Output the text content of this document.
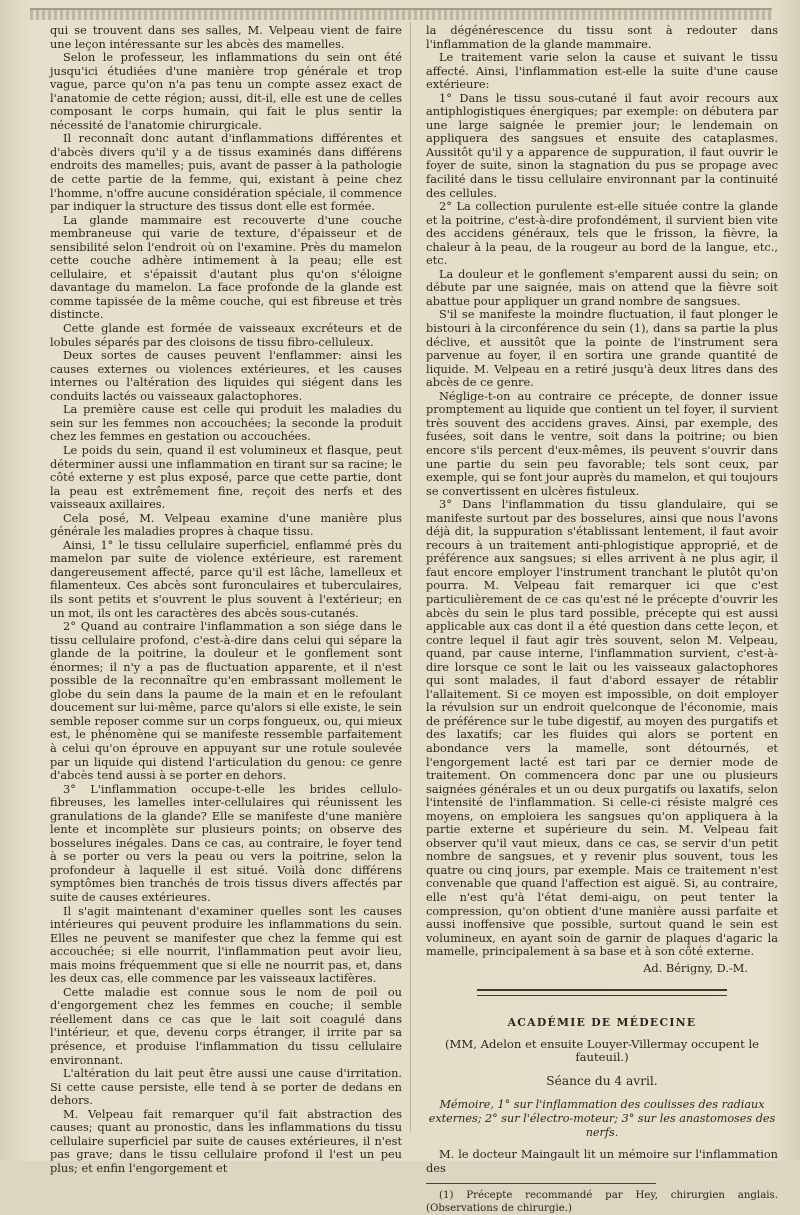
qui se trouvent dans ses salles, M. Velpeau vient de faire une leçon intéressante sur les abcès des mamelles.

Selon le professeur, les inflammations du sein ont été jusqu'ici étudiées d'une manière trop générale et trop vague, parce qu'on n'a pas tenu un compte assez exact de l'anatomie de cette région; aussi, dit-il, elle est une de celles composant le corps humain, qui fait le plus sentir la nécessité de l'anatomie chirurgicale.

Il reconnaît donc autant d'inflammations différentes et d'abcès divers qu'il y a de tissus examinés dans différens endroits des mamelles; puis, avant de passer à la pathologie de cette partie de la femme, qui, existant à peine chez l'homme, n'offre aucune considération spéciale, il commence par indiquer la structure des tissus dont elle est formée.

La glande mammaire est recouverte d'une couche membraneuse qui varie de texture, d'épaisseur et de sensibilité selon l'endroit où on l'examine. Près du mamelon cette couche adhère intimement à la peau; elle est cellulaire, et s'épaissit d'autant plus qu'on s'éloigne davantage du mamelon. La face profonde de la glande est comme tapissée de la même couche, qui est fibreuse et très distincte.

Cette glande est formée de vaisseaux excréteurs et de lobules séparés par des cloisons de tissu fibro-celluleux.

Deux sortes de causes peuvent l'enflammer: ainsi les causes externes ou violences extérieures, et les causes internes ou l'altération des liquides qui siégent dans les conduits lactés ou vaisseaux galactophores.

La première cause est celle qui produit les maladies du sein sur les femmes non accouchées; la seconde la produit chez les femmes en gestation ou accouchées.

Le poids du sein, quand il est volumineux et flasque, peut déterminer aussi une inflammation en tirant sur sa racine; le côté externe y est plus exposé, parce que cette partie, dont la peau est extrêmement fine, reçoit des nerfs et des vaisseaux axillaires.

Cela posé, M. Velpeau examine d'une manière plus générale les maladies propres à chaque tissu.

Ainsi, 1° le tissu cellulaire superficiel, enflammé près du mamelon par suite de violence extérieure, est rarement dangereusement affecté, parce qu'il est lâche, lamelleux et filamenteux. Ces abcès sont furonculaires et tuberculaires, ils sont petits et s'ouvrent le plus souvent à l'extérieur; en un mot, ils ont les caractères des abcès sous-cutanés.

2° Quand au contraire l'inflammation a son siége dans le tissu cellulaire profond, c'est-à-dire dans celui qui sépare la glande de la poitrine, la douleur et le gonflement sont énormes; il n'y a pas de fluctuation apparente, et il n'est possible de la reconnaître qu'en embrassant mollement le globe du sein dans la paume de la main et en le refoulant doucement sur lui-même, parce qu'alors si elle existe, le sein semble reposer comme sur un corps fongueux, ou, qui mieux est, le phénomène qui se manifeste ressemble parfaitement à celui qu'on éprouve en appuyant sur une rotule soulevée par un liquide qui distend l'articulation du genou: ce genre d'abcès tend aussi à se porter en dehors.

3° L'inflammation occupe-t-elle les brides cellulo-fibreuses, les lamelles inter-cellulaires qui réunissent les granulations de la glande? Elle se manifeste d'une manière lente et incomplète sur plusieurs points; on observe des bosselures inégales. Dans ce cas, au contraire, le foyer tend à se porter ou vers la peau ou vers la poitrine, selon la profondeur à laquelle il est situé. Voilà donc différens symptômes bien tranchés de trois tissus divers affectés par suite de causes extérieures.

Il s'agit maintenant d'examiner quelles sont les causes intérieures qui peuvent produire les inflammations du sein. Elles ne peuvent se manifester que chez la femme qui est accouchée; si elle nourrit, l'inflammation peut avoir lieu, mais moins fréquemment que si elle ne nourrit pas, et, dans les deux cas, elle commence par les vaisseaux lactifères.

Cette maladie est connue sous le nom de poil ou d'engorgement chez les femmes en couche; il semble réellement dans ce cas que le lait soit coagulé dans l'intérieur, et que, devenu corps étranger, il irrite par sa présence, et produise l'inflammation du tissu cellulaire environnant.

L'altération du lait peut être aussi une cause d'irritation. Si cette cause persiste, elle tend à se porter de dedans en dehors.

M. Velpeau fait remarquer qu'il fait abstraction des causes; quant au pronostic, dans les inflammations du tissu cellulaire superficiel par suite de causes extérieures, il n'est pas grave; dans le tissu cellulaire profond il l'est un peu plus; et enfin l'engorgement et

la dégénérescence du tissu sont à redouter dans l'inflammation de la glande mammaire.

Le traitement varie selon la cause et suivant le tissu affecté. Ainsi, l'inflammation est-elle la suite d'une cause extérieure:

1° Dans le tissu sous-cutané il faut avoir recours aux antiphlogistiques énergiques; par exemple: on débutera par une large saignée le premier jour; le lendemain on appliquera des sangsues et ensuite des cataplasmes. Aussitôt qu'il y a apparence de suppuration, il faut ouvrir le foyer de suite, sinon la stagnation du pus se propage avec facilité dans le tissu cellulaire environnant par la continuité des cellules.

2° La collection purulente est-elle située contre la glande et la poitrine, c'est-à-dire profondément, il survient bien vite des accidens généraux, tels que le frisson, la fièvre, la chaleur à la peau, de la rougeur au bord de la langue, etc., etc.

La douleur et le gonflement s'emparent aussi du sein; on débute par une saignée, mais on attend que la fièvre soit abattue pour appliquer un grand nombre de sangsues.

S'il se manifeste la moindre fluctuation, il faut plonger le bistouri à la circonférence du sein (1), dans sa partie la plus déclive, et aussitôt que la pointe de l'instrument sera parvenue au foyer, il en sortira une grande quantité de liquide. M. Velpeau en a retiré jusqu'à deux litres dans des abcès de ce genre.

Néglige-t-on au contraire ce précepte, de donner issue promptement au liquide que contient un tel foyer, il survient très souvent des accidens graves. Ainsi, par exemple, des fusées, soit dans le ventre, soit dans la poitrine; ou bien encore s'ils percent d'eux-mêmes, ils peuvent s'ouvrir dans une partie du sein peu favorable; tels sont ceux, par exemple, qui se font jour auprès du mamelon, et qui toujours se convertissent en ulcères fistuleux.

3° Dans l'inflammation du tissu glandulaire, qui se manifeste surtout par des bosselures, ainsi que nous l'avons déjà dit, la suppuration s'établissant lentement, il faut avoir recours à un traitement anti-phlogistique approprié, et de préférence aux sangsues; si elles arrivent à ne plus agir, il faut encore employer l'instrument tranchant le plutôt qu'on pourra. M. Velpeau fait remarquer ici que c'est particulièrement de ce cas qu'est né le précepte d'ouvrir les abcès du sein le plus tard possible, précepte qui est aussi applicable aux cas dont il a été question dans cette leçon, et contre lequel il faut agir très souvent, selon M. Velpeau, quand, par cause interne, l'inflammation survient, c'est-à-dire lorsque ce sont le lait ou les vaisseaux galactophores qui sont malades, il faut d'abord essayer de rétablir l'allaitement. Si ce moyen est impossible, on doit employer la révulsion sur un endroit quelconque de l'économie, mais de préférence sur le tube digestif, au moyen des purgatifs et des laxatifs; car les fluides qui alors se portent en abondance vers la mamelle, sont détournés, et l'engorgement lacté est tari par ce dernier mode de traitement. On commencera donc par une ou plusieurs saignées générales et un ou deux purgatifs ou laxatifs, selon l'intensité de l'inflammation. Si celle-ci résiste malgré ces moyens, on emploiera les sangsues qu'on appliquera à la partie externe et supérieure du sein. M. Velpeau fait observer qu'il vaut mieux, dans ce cas, se servir d'un petit nombre de sangsues, et y revenir plus souvent, tous les quatre ou cinq jours, par exemple. Mais ce traitement n'est convenable que quand l'affection est aiguë. Si, au contraire, elle n'est qu'à l'état demi-aigu, on peut tenter la compression, qu'on obtient d'une manière aussi parfaite et aussi inoffensive que possible, surtout quand le sein est volumineux, en ayant soin de garnir de plaques d'agaric la mamelle, principalement à sa base et à son côté externe.

Ad. Bérigny, D.-M.

ACADÉMIE DE MÉDECINE
(MM, Adelon et ensuite Louyer-Villermay occupent le fauteuil.)
Séance du 4 avril.
Mémoire, 1° sur l'inflammation des coulisses des radiaux externes; 2° sur l'électro-moteur; 3° sur les anastomoses des nerfs.

M. le docteur Maingault lit un mémoire sur l'inflammation des

(1) Précepte recommandé par Hey, chirurgien anglais. (Observations de chirurgie.)
